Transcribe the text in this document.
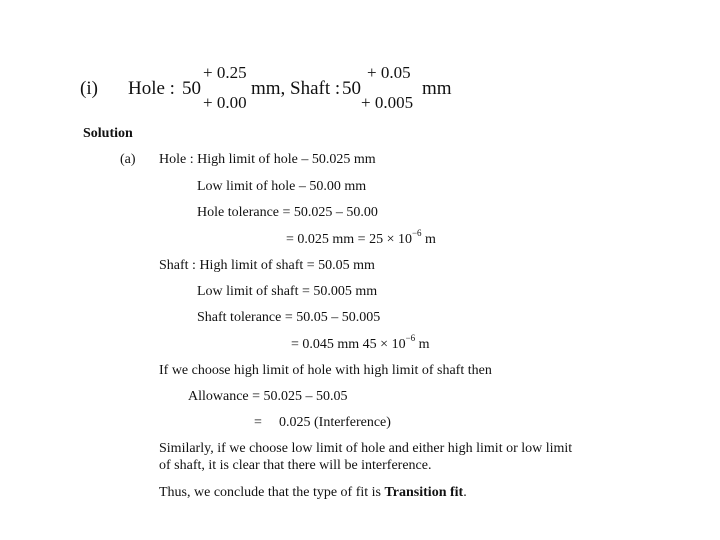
(i) Hole : 50
+ 0.25
+ 0.00
mm, Shaft : 50
+ 0.05
+ 0.005
mm
Solution
(a) Hole : High limit of hole – 50.025 mm
Low limit of hole – 50.00 mm
Hole tolerance = 50.025 – 50.00
= 0.025 mm = $25 \times 10^{-6}$ m
Shaft : High limit of shaft = 50.05 mm
Low limit of shaft = 50.005 mm
Shaft tolerance = 50.05 – 50.005
= 0.045 mm $45 \times 10^{-6}$ m
If we choose high limit of hole with high limit of shaft then
Allowance = 50.025 – 50.05
= 0.025 (Interference)
Similarly, if we choose low limit of hole and either high limit or low limit
of shaft, it is clear that there will be interference.
Thus, we conclude that the type of fit is Transition fit.
